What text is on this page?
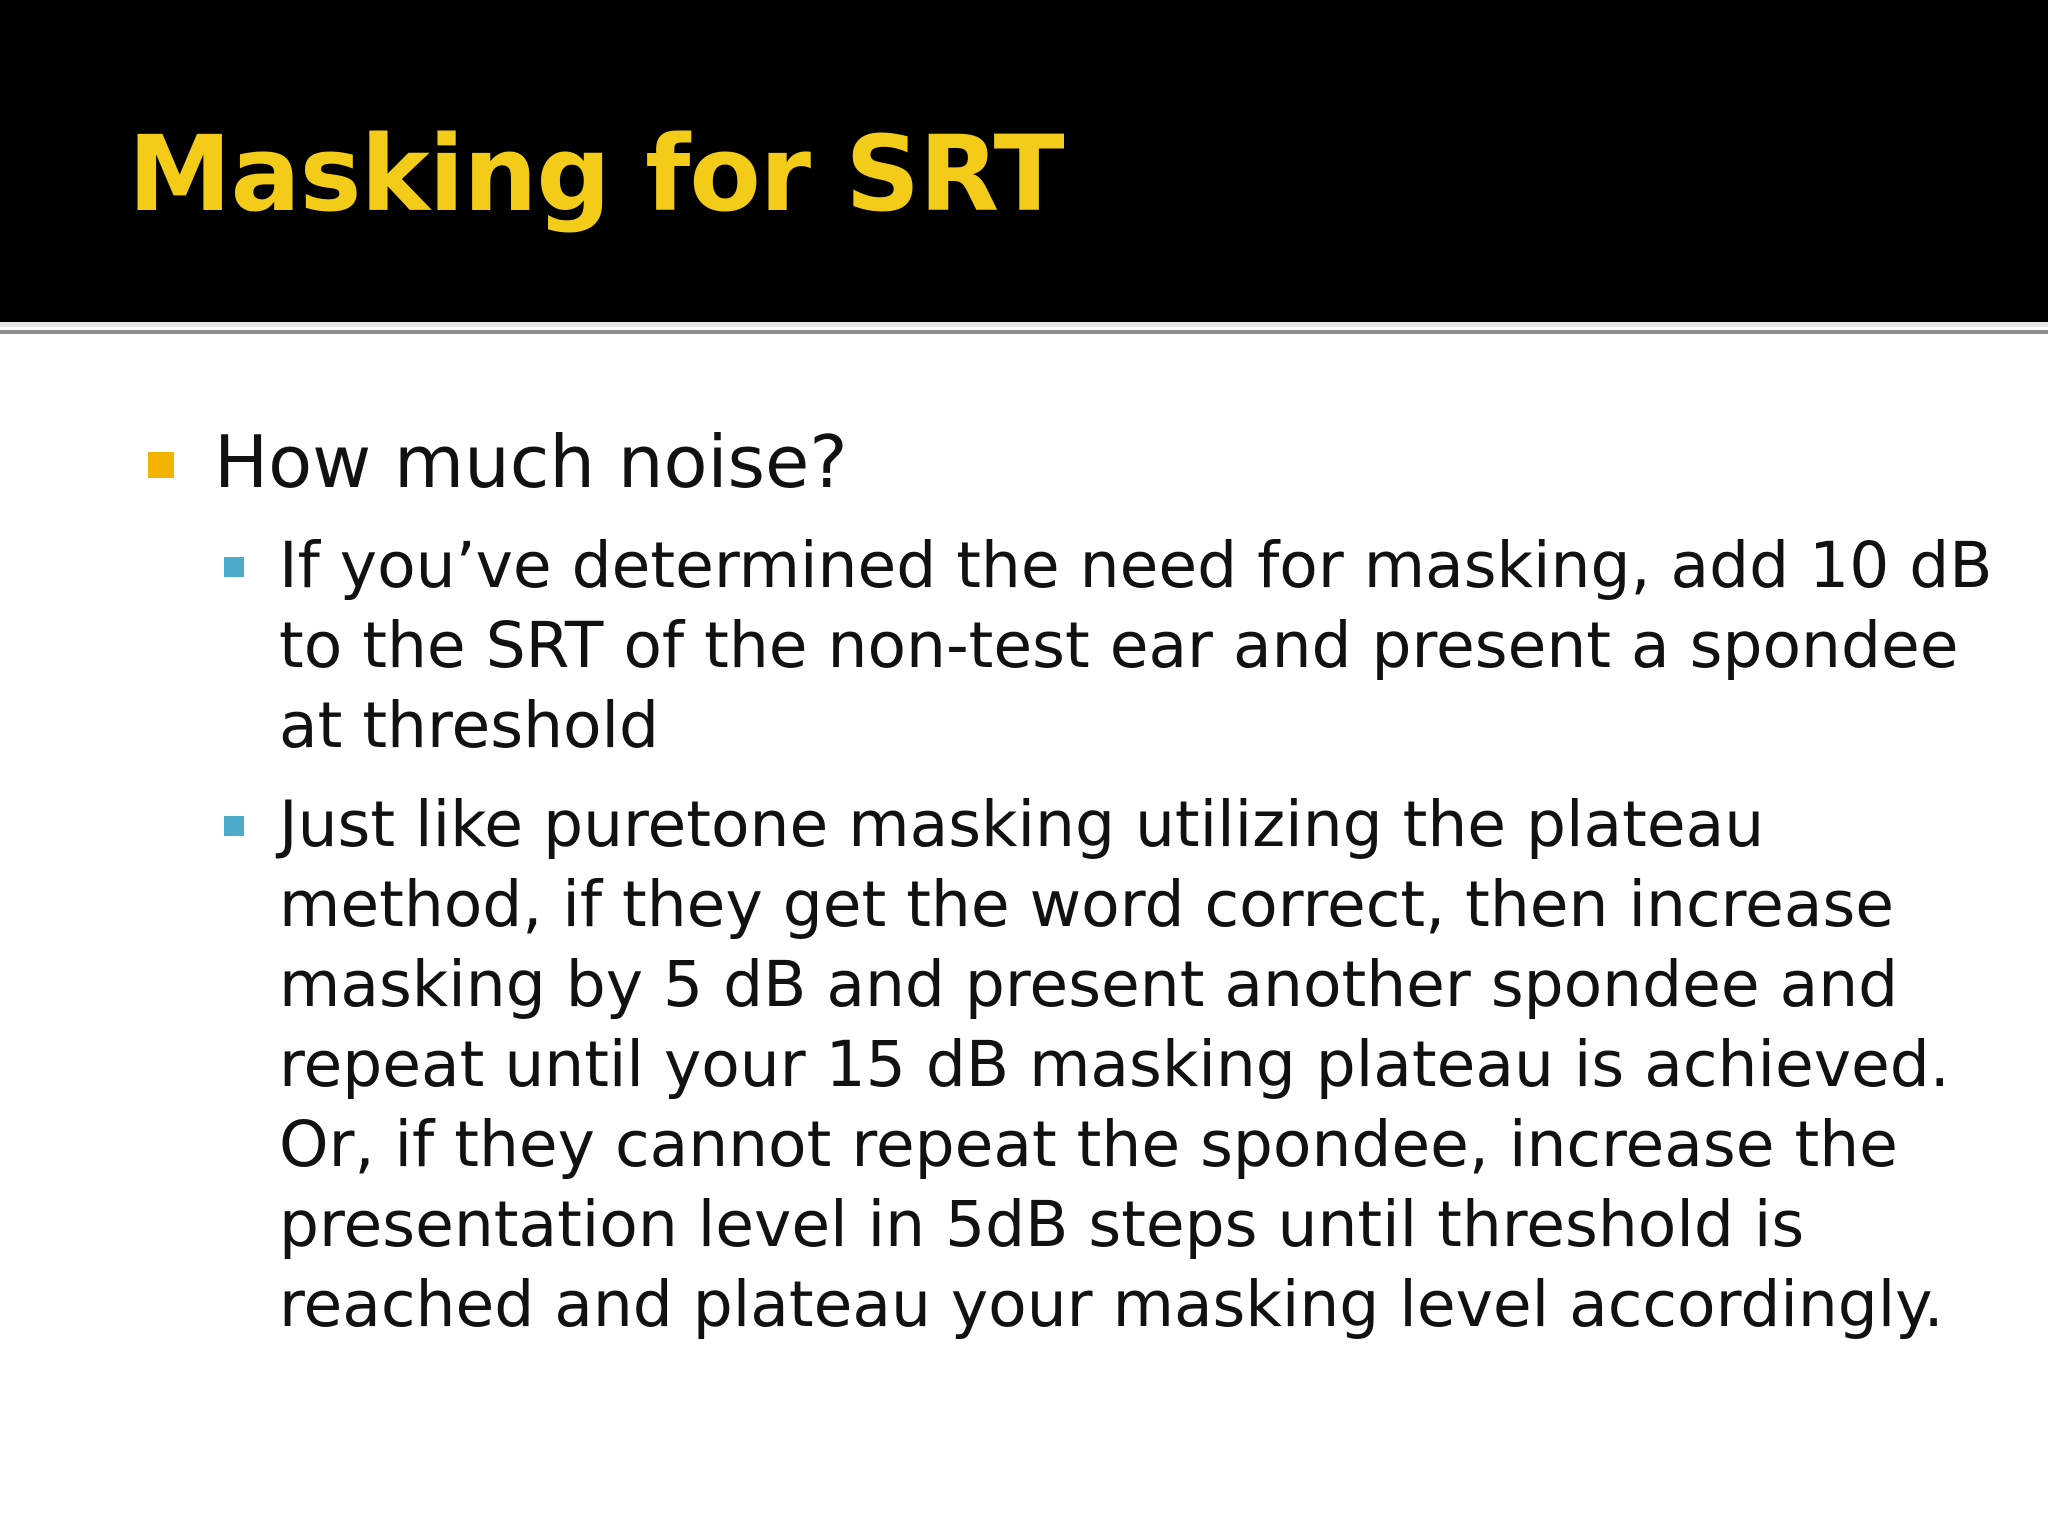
Masking for SRT

How much noise?

If you’ve determined the need for masking, add 10 dB to the SRT of the non-test ear and present a spondee at threshold

Just like puretone masking utilizing the plateau method, if they get the word correct, then increase masking by 5 dB and present another spondee and repeat until your 15 dB masking plateau is achieved. Or, if they cannot repeat the spondee, increase the presentation level in 5dB steps until threshold is reached and plateau your masking level accordingly.
